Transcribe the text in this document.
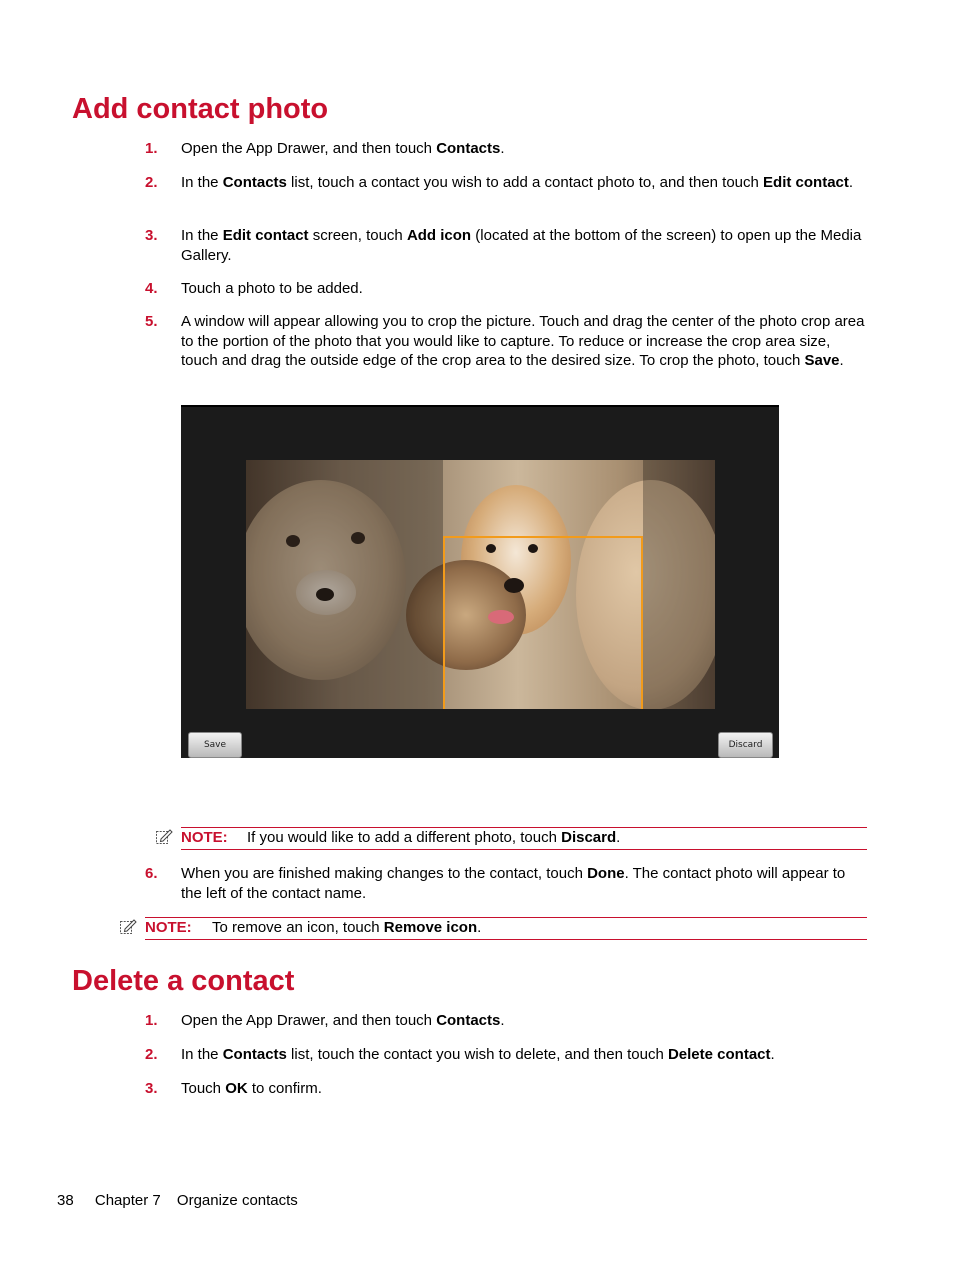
Add contact photo
1. Open the App Drawer, and then touch Contacts.
2. In the Contacts list, touch a contact you wish to add a contact photo to, and then touch Edit contact.
3. In the Edit contact screen, touch Add icon (located at the bottom of the screen) to open up the Media Gallery.
4. Touch a photo to be added.
5. A window will appear allowing you to crop the picture. Touch and drag the center of the photo crop area to the portion of the photo that you would like to capture. To reduce or increase the crop area size, touch and drag the outside edge of the crop area to the desired size. To crop the photo, touch Save.
Save	Discard
NOTE: If you would like to add a different photo, touch Discard.
6. When you are finished making changes to the contact, touch Done. The contact photo will appear to the left of the contact name.
NOTE: To remove an icon, touch Remove icon.
Delete a contact
1. Open the App Drawer, and then touch Contacts.
2. In the Contacts list, touch the contact you wish to delete, and then touch Delete contact.
3. Touch OK to confirm.
38 Chapter 7 Organize contacts
